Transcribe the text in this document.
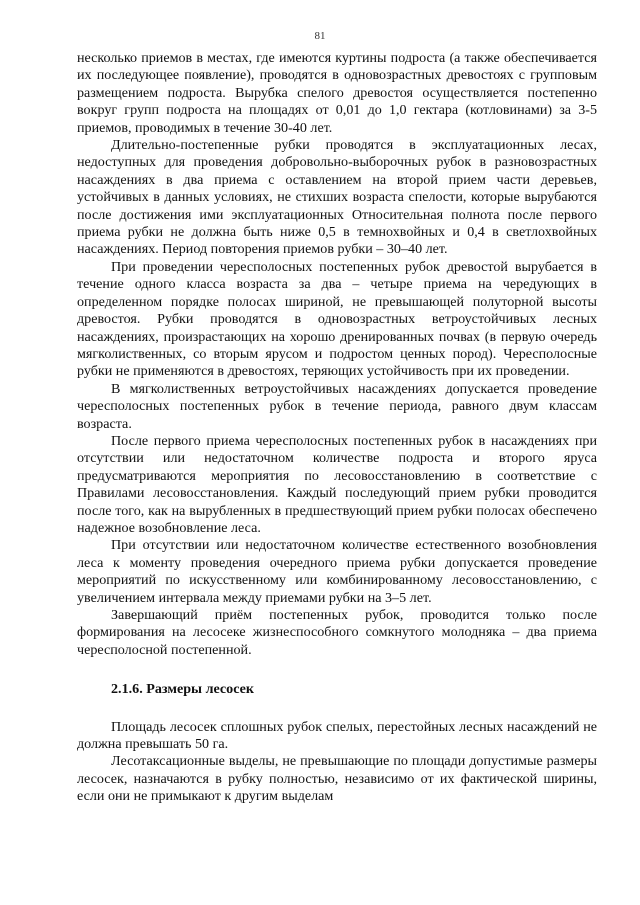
81

несколько приемов в местах, где имеются куртины подроста (а также обеспечивается их последующее появление), проводятся в одновозрастных древостоях с групповым размещением подроста. Вырубка спелого древостоя осуществляется постепенно вокруг групп подроста на площадях от 0,01 до 1,0 гектара (котловинами) за 3-5 приемов, проводимых в течение 30-40 лет.

Длительно-постепенные рубки проводятся в эксплуатационных лесах, недоступных для проведения добровольно-выборочных рубок в разновозрастных насаждениях в два приема с оставлением на второй прием части деревьев, устойчивых в данных условиях, не стихших возраста спелости, которые вырубаются после достижения ими эксплуатационных Относительная полнота после первого приема рубки не должна быть ниже 0,5 в темнохвойных и 0,4 в светлохвойных насаждениях. Период повторения приемов рубки – 30–40 лет.

При проведении чересполосных постепенных рубок древостой вырубается в течение одного класса возраста за два – четыре приема на чередующих в определенном порядке полосах шириной, не превышающей полуторной высоты древостоя. Рубки проводятся в одновозрастных ветроустойчивых лесных насаждениях, произрастающих на хорошо дренированных почвах (в первую очередь мягколиственных, со вторым ярусом и подростом ценных пород). Чересполосные рубки не применяются в древостоях, теряющих устойчивость при их проведении.

В мягколиственных ветроустойчивых насаждениях допускается проведение чересполосных постепенных рубок в течение периода, равного двум классам возраста.

После первого приема чересполосных постепенных рубок в насаждениях при отсутствии или недостаточном количестве подроста и второго яруса предусматриваются мероприятия по лесовосстановлению в соответствие с Правилами лесовосстановления. Каждый последующий прием рубки проводится после того, как на вырубленных в предшествующий прием рубки полосах обеспечено надежное возобновление леса.

При отсутствии или недостаточном количестве естественного возобновления леса к моменту проведения очередного приема рубки допускается проведение мероприятий по искусственному или комбинированному лесовосстановлению, с увеличением интервала между приемами рубки на 3–5 лет.

Завершающий приём постепенных рубок, проводится только после формирования на лесосеке жизнеспособного сомкнутого молодняка – два приема чересполосной постепенной.

2.1.6. Размеры лесосек

Площадь лесосек сплошных рубок спелых, перестойных лесных насаждений не должна превышать 50 га.

Лесотаксационные выделы, не превышающие по площади допустимые размеры лесосек, назначаются в рубку полностью, независимо от их фактической ширины, если они не примыкают к другим выделам
